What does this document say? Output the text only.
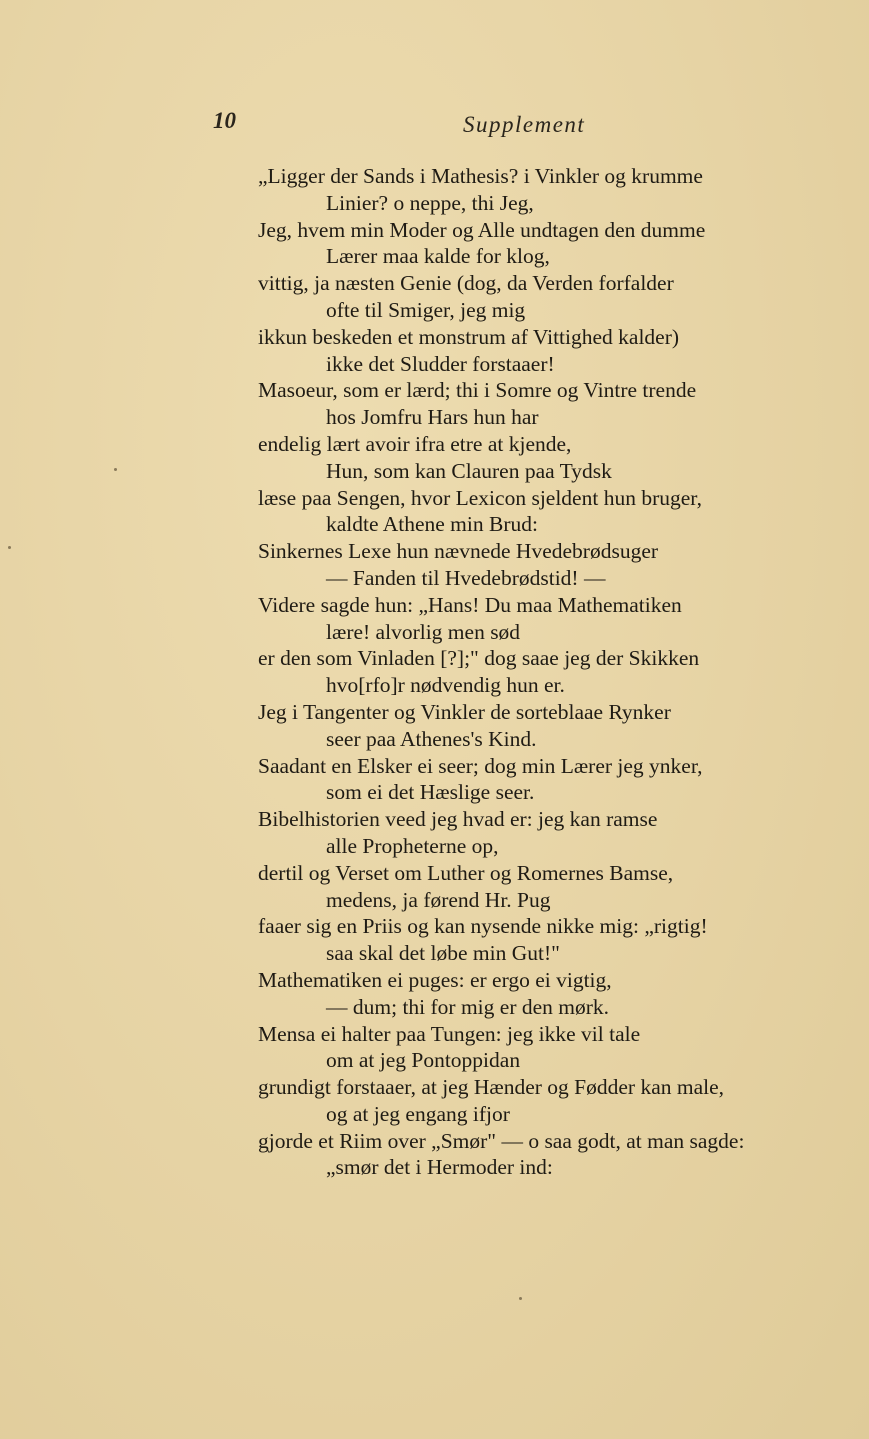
10	Supplement
„Ligger der Sands i Mathesis? i Vinkler og krumme
Linier? o neppe, thi Jeg,
Jeg, hvem min Moder og Alle undtagen den dumme
Lærer maa kalde for klog,
vittig, ja næsten Genie (dog, da Verden forfalder
ofte til Smiger, jeg mig
ikkun beskeden et monstrum af Vittighed kalder)
ikke det Sludder forstaaer!
Masoeur, som er lærd; thi i Somre og Vintre trende
hos Jomfru Hars hun har
endelig lært avoir ifra etre at kjende,
Hun, som kan Clauren paa Tydsk
læse paa Sengen, hvor Lexicon sjeldent hun bruger,
kaldte Athene min Brud:
Sinkernes Lexe hun nævnede Hvedebrødsuger
— Fanden til Hvedebrødstid! —
Videre sagde hun: „Hans! Du maa Mathematiken
lære! alvorlig men sød
er den som Vinladen [?];" dog saae jeg der Skikken
hvo[rfo]r nødvendig hun er.
Jeg i Tangenter og Vinkler de sorteblaae Rynker
seer paa Athenes's Kind.
Saadant en Elsker ei seer; dog min Lærer jeg ynker,
som ei det Hæslige seer.
Bibelhistorien veed jeg hvad er: jeg kan ramse
alle Propheterne op,
dertil og Verset om Luther og Romernes Bamse,
medens, ja førend Hr. Pug
faaer sig en Priis og kan nysende nikke mig: „rigtig!
saa skal det løbe min Gut!"
Mathematiken ei puges: er ergo ei vigtig,
— dum; thi for mig er den mørk.
Mensa ei halter paa Tungen: jeg ikke vil tale
om at jeg Pontoppidan
grundigt forstaaer, at jeg Hænder og Fødder kan male,
og at jeg engang ifjor
gjorde et Riim over „Smør" — o saa godt, at man sagde:
„smør det i Hermoder ind:
